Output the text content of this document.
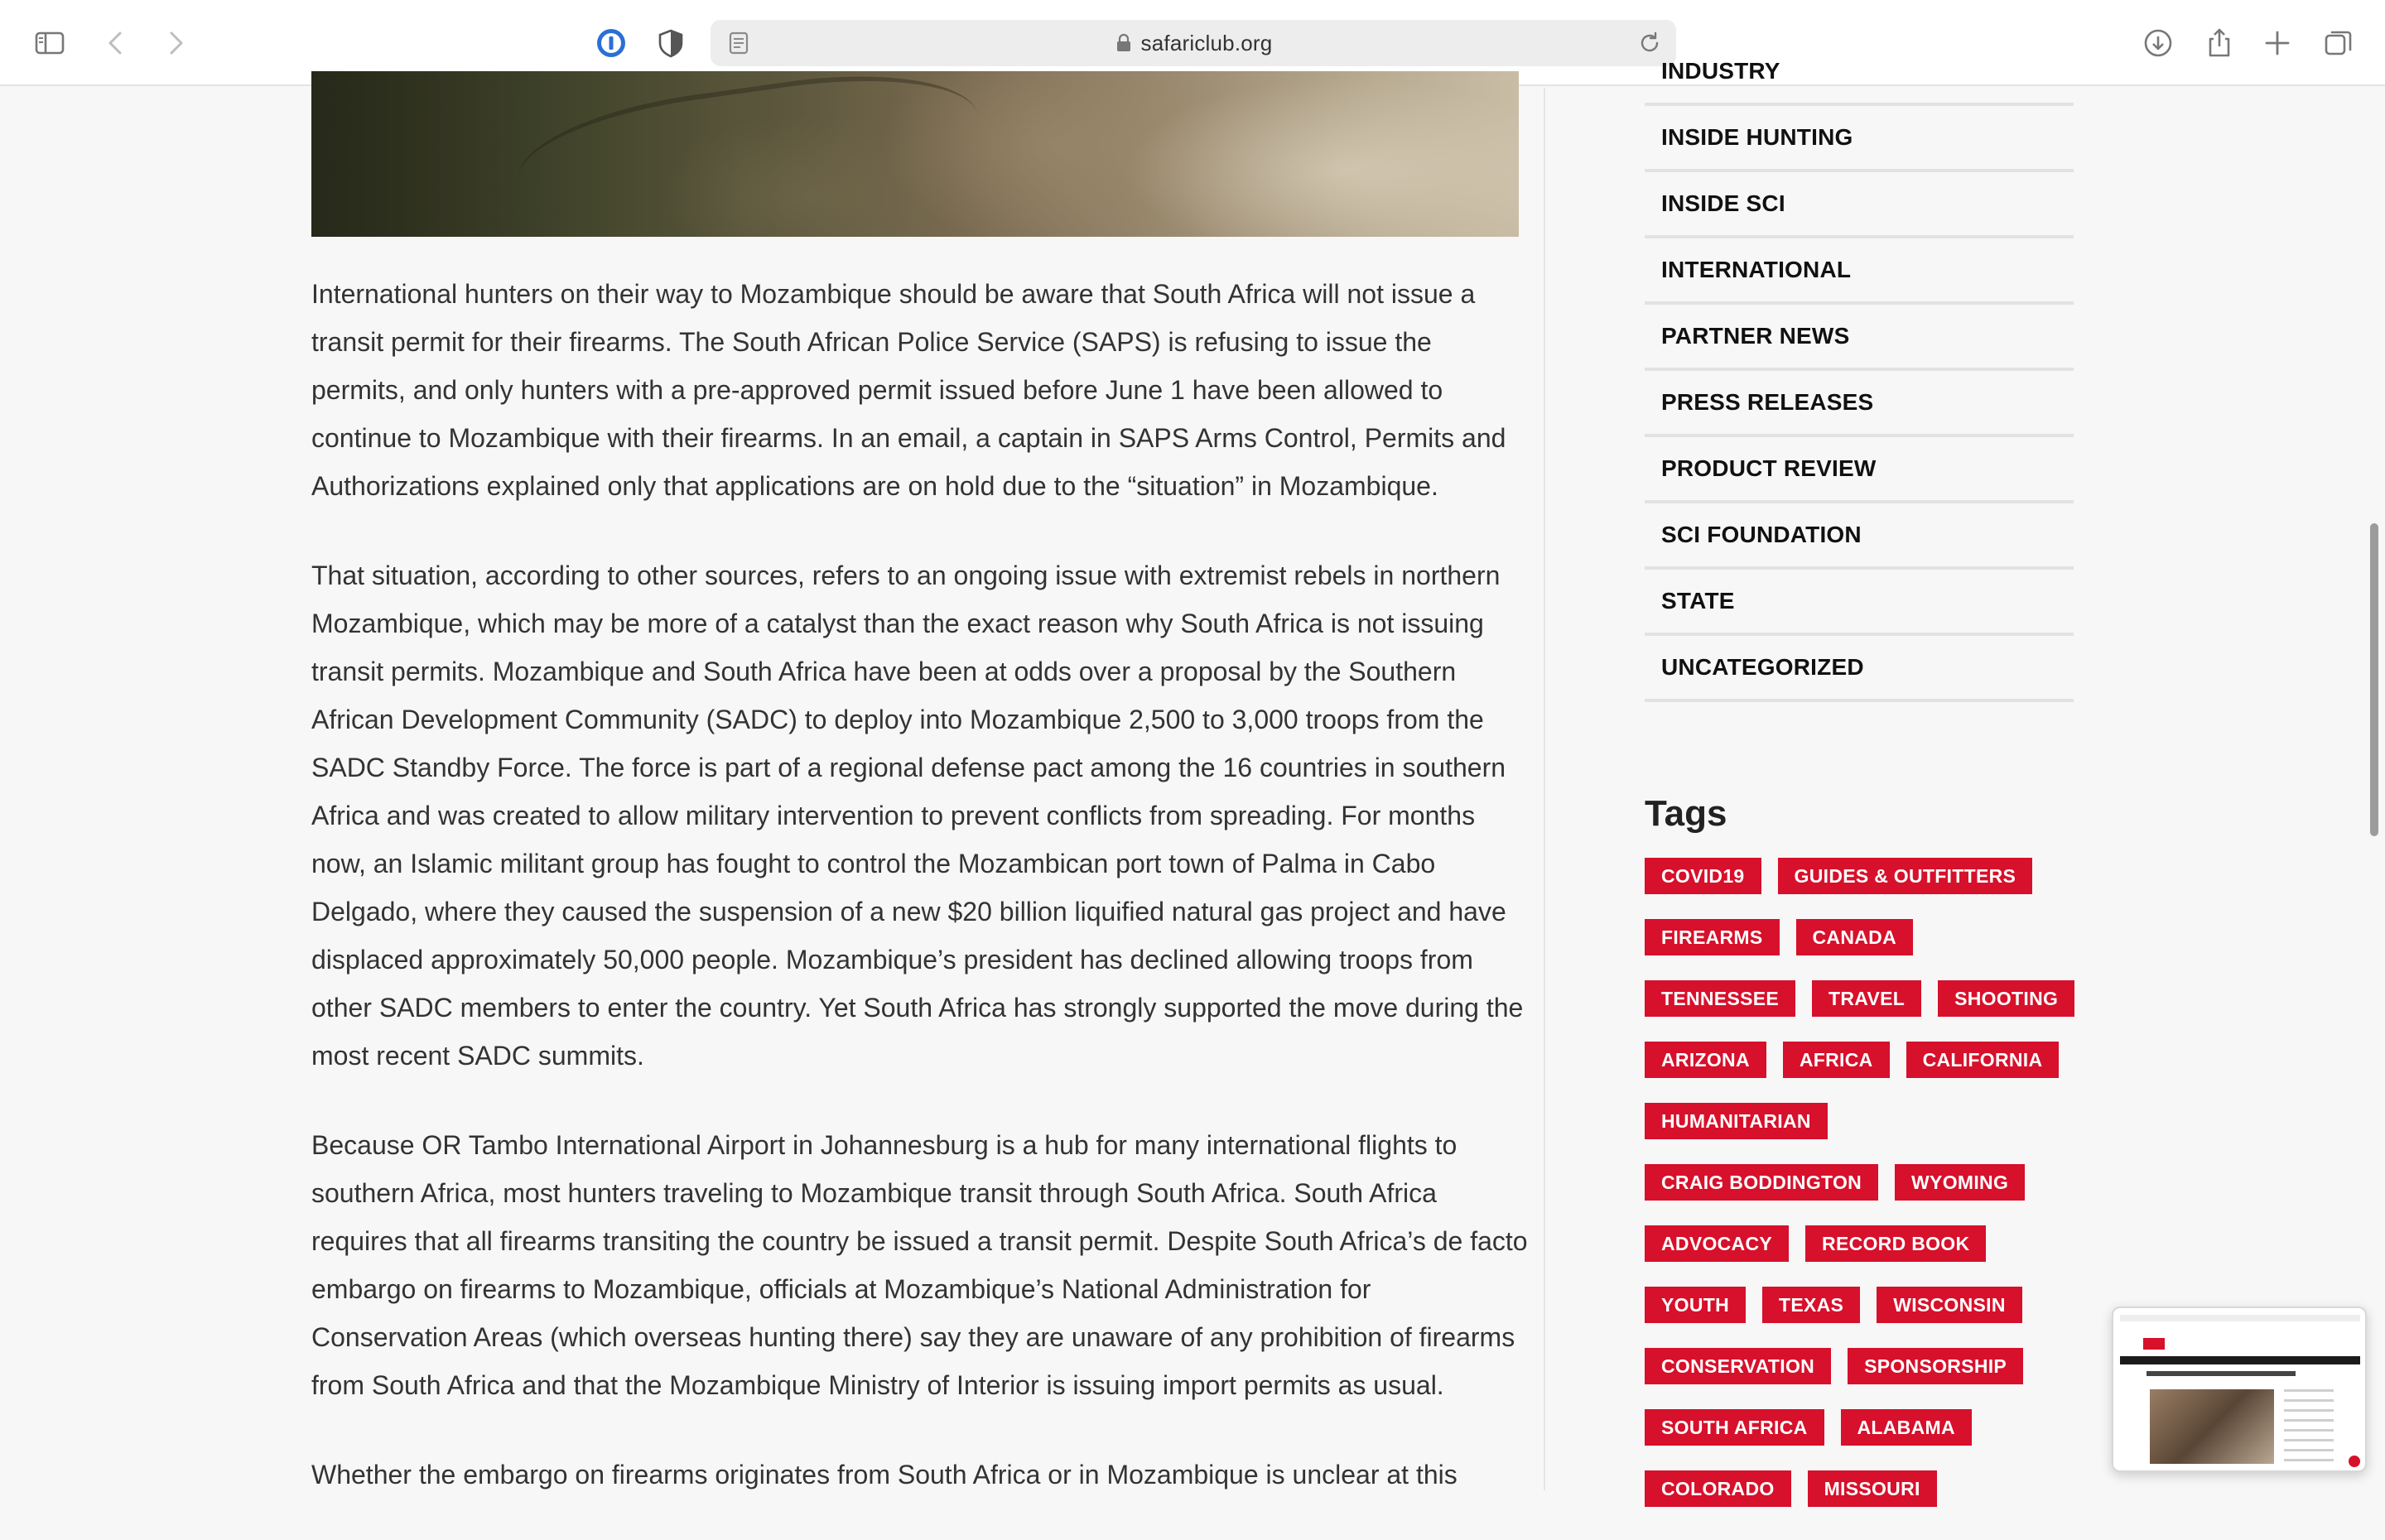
safariclub.org

International hunters on their way to Mozambique should be aware that South Africa will not issue a transit permit for their firearms. The South African Police Service (SAPS) is refusing to issue the permits, and only hunters with a pre-approved permit issued before June 1 have been allowed to continue to Mozambique with their firearms. In an email, a captain in SAPS Arms Control, Permits and Authorizations explained only that applications are on hold due to the “situation” in Mozambique.

That situation, according to other sources, refers to an ongoing issue with extremist rebels in northern Mozambique, which may be more of a catalyst than the exact reason why South Africa is not issuing transit permits. Mozambique and South Africa have been at odds over a proposal by the Southern African Development Community (SADC) to deploy into Mozambique 2,500 to 3,000 troops from the SADC Standby Force. The force is part of a regional defense pact among the 16 countries in southern Africa and was created to allow military intervention to prevent conflicts from spreading. For months now, an Islamic militant group has fought to control the Mozambican port town of Palma in Cabo Delgado, where they caused the suspension of a new $20 billion liquified natural gas project and have displaced approximately 50,000 people. Mozambique’s president has declined allowing troops from other SADC members to enter the country. Yet South Africa has strongly supported the move during the most recent SADC summits.

Because OR Tambo International Airport in Johannesburg is a hub for many international flights to southern Africa, most hunters traveling to Mozambique transit through South Africa. South Africa requires that all firearms transiting the country be issued a transit permit. Despite South Africa’s de facto embargo on firearms to Mozambique, officials at Mozambique’s National Administration for Conservation Areas (which overseas hunting there) say they are unaware of any prohibition of firearms from South Africa and that the Mozambique Ministry of Interior is issuing import permits as usual.

Whether the embargo on firearms originates from South Africa or in Mozambique is unclear at this

INDUSTRY
INSIDE HUNTING
INSIDE SCI
INTERNATIONAL
PARTNER NEWS
PRESS RELEASES
PRODUCT REVIEW
SCI FOUNDATION
STATE
UNCATEGORIZED
Tags
COVID19	GUIDES & OUTFITTERS
FIREARMS	CANADA
TENNESSEE	TRAVEL	SHOOTING
ARIZONA	AFRICA	CALIFORNIA
HUMANITARIAN
CRAIG BODDINGTON	WYOMING
ADVOCACY	RECORD BOOK
YOUTH	TEXAS	WISCONSIN
CONSERVATION	SPONSORSHIP
SOUTH AFRICA	ALABAMA
COLORADO	MISSOURI
